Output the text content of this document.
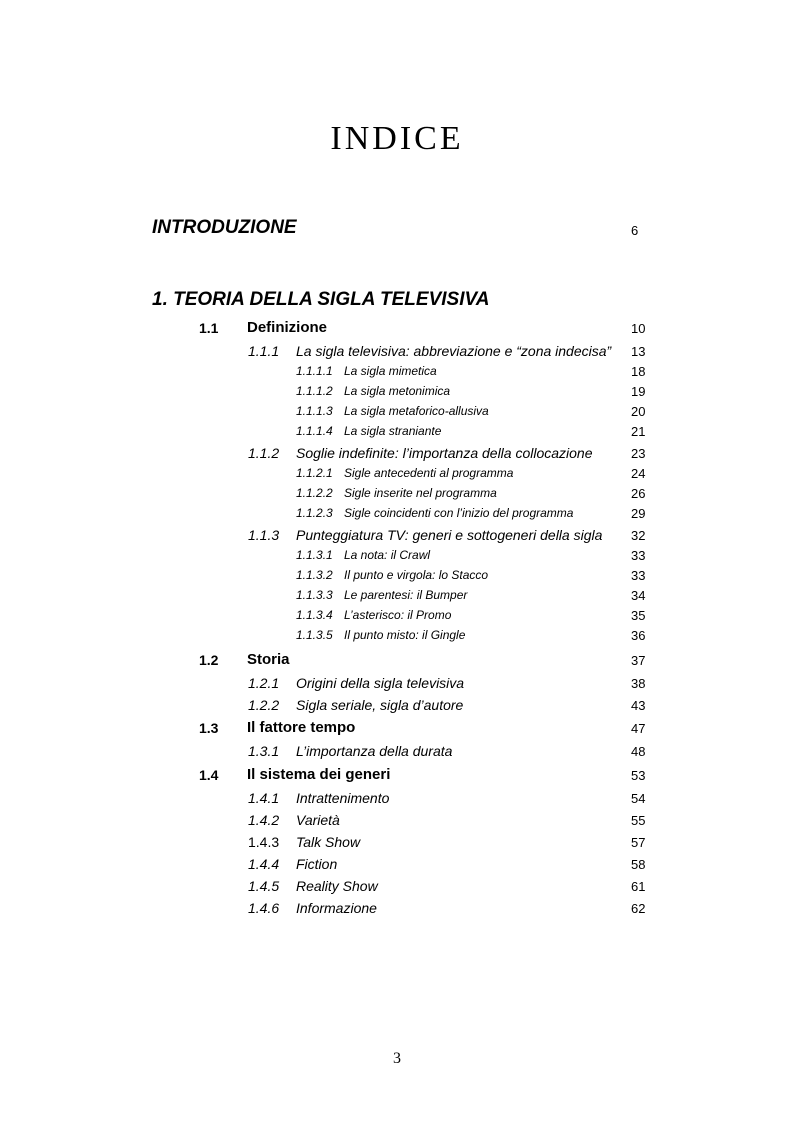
INDICE
INTRODUZIONE	6
1. TEORIA DELLA SIGLA TELEVISIVA
1.1 Definizione	10
1.1.1 La sigla televisiva: abbreviazione e “zona indecisa” 13
1.1.1.1 La sigla mimetica	18
1.1.1.2 La sigla metonimica	19
1.1.1.3 La sigla metaforico-allusiva	20
1.1.1.4 La sigla straniante	21
1.1.2 Soglie indefinite: l’importanza della collocazione	23
1.1.2.1 Sigle antecedenti al programma	24
1.1.2.2 Sigle inserite nel programma	26
1.1.2.3 Sigle coincidenti con l’inizio del programma	29
1.1.3 Punteggiatura TV: generi e sottogeneri della sigla 32
1.1.3.1 La nota: il Crawl	33
1.1.3.2 Il punto e virgola: lo Stacco	33
1.1.3.3 Le parentesi: il Bumper	34
1.1.3.4 L’asterisco: il Promo	35
1.1.3.5 Il punto misto: il Gingle	36
1.2 Storia	37
1.2.1 Origini della sigla televisiva	38
1.2.2 Sigla seriale, sigla d’autore	43
1.3 Il fattore tempo	47
1.3.1 L’importanza della durata	48
1.4 Il sistema dei generi	53
1.4.1 Intrattenimento	54
1.4.2 Varietà	55
1.4.3 Talk Show	57
1.4.4 Fiction	58
1.4.5 Reality Show	61
1.4.6 Informazione	62
3
